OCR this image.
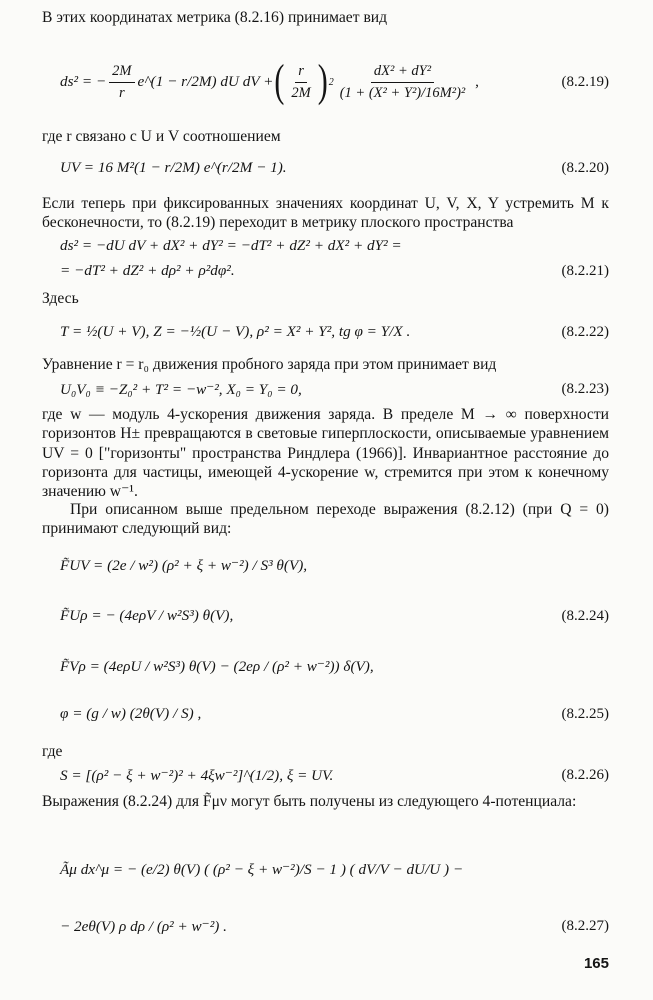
В этих координатах метрика (8.2.16) принимает вид
ds² = − $\frac{2M}{r}$ e^(1 − r/2M) dU dV + ( $\frac{r}{2M}$ ) $2 \frac{\text{dX² + dY²}}{\text{(1 + (X² + Y²)/16M²)²}}$ ,	(8.2.19)
где r связано с U и V соотношением
UV = 16 M²(1 − r/2M) e^(r/2M − 1).	(8.2.20)
Если теперь при фиксированных значениях координат U, V, X, Y устремить M к бесконечности, то (8.2.19) переходит в метрику плоского пространства
ds² = −dU dV + dX² + dY² = −dT² + dZ² + dX² + dY² =
= −dT² + dZ² + dρ² + ρ²dφ².	(8.2.21)
Здесь
T = ½(U + V), Z = −½(U − V), ρ² = X² + Y², tg φ = Y/X .	(8.2.22)
Уравнение r = r₀ движения пробного заряда при этом принимает вид
U₀V₀ ≡ −Z₀² + T² = −w⁻², X₀ = Y₀ = 0,	(8.2.23)
где w — модуль 4-ускорения движения заряда. В пределе M → ∞ поверхности горизонтов H± превращаются в световые гиперплоскости, описываемые уравнением UV = 0 ["горизонты" пространства Риндлера (1966)]. Инвариантное расстояние до горизонта для частицы, имеющей 4-ускорение w, стремится при этом к конечному значению w⁻¹.
При описанном выше предельном переходе выражения (8.2.12) (при Q = 0) принимают следующий вид:
F̃UV = (2e / w²) (ρ² + ξ + w⁻²) / S³ θ(V),
F̃Uρ = − (4eρV / w²S³) θ(V),	(8.2.24)
F̃Vρ = (4eρU / w²S³) θ(V) − (2eρ / (ρ² + w⁻²)) δ(V),
φ = (g / w) (2θ(V) / S) ,	(8.2.25)
где
S = [(ρ² − ξ + w⁻²)² + 4ξw⁻²]^(1/2), ξ = UV.	(8.2.26)
Выражения (8.2.24) для F̃μν могут быть получены из следующего 4-потенциала:
Ãμ dx^μ = − (e/2) θ(V) ( (ρ² − ξ + w⁻²)/S − 1 ) ( dV/V − dU/U ) −
− 2eθ(V) ρ dρ / (ρ² + w⁻²) .	(8.2.27)
165
